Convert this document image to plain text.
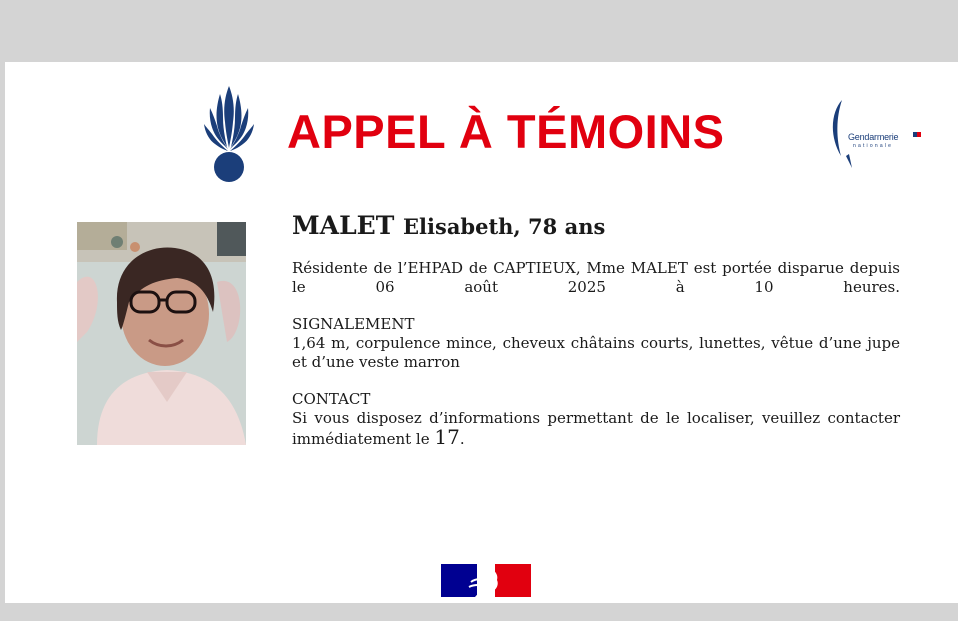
APPEL À TÉMOINS	Gendarmerie
nationale
MALET Elisabeth, 78 ans

Résidente de l’EHPAD de CAPTIEUX, Mme MALET est portée disparue depuis le 06 août 2025 à 10 heures.

SIGNALEMENT

1,64 m, corpulence mince, cheveux châtains courts, lunettes, vêtue d’une jupe et d’une veste marron

CONTACT

Si vous disposez d’informations permettant de le localiser, veuillez contacter immédiatement le 17.
